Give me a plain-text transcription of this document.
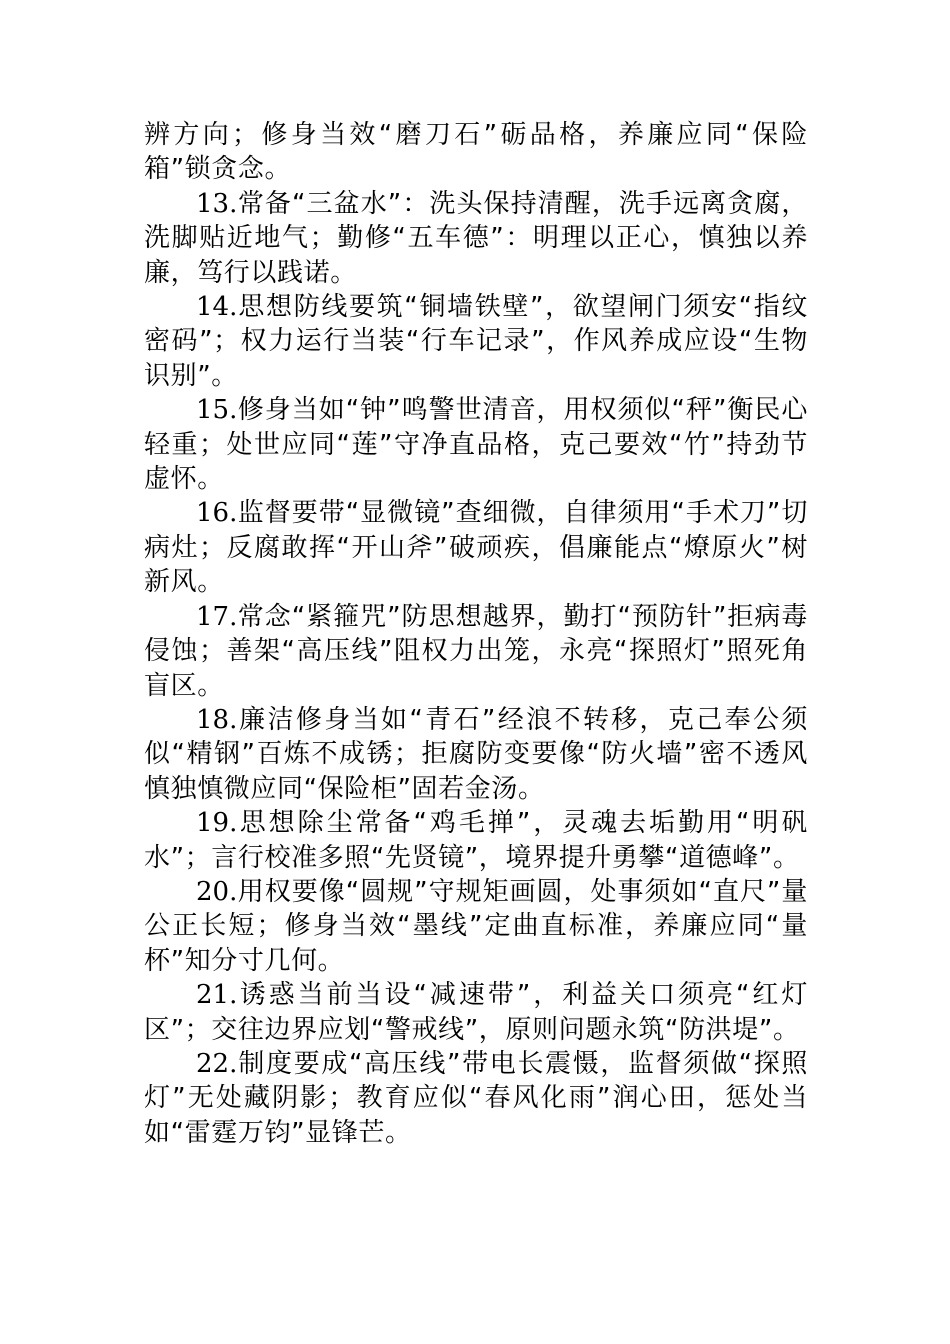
辨方向；修身当效“磨刀石”砺品格，养廉应同“保险箱”锁贪念。

13.常备“三盆水”：洗头保持清醒，洗手远离贪腐，洗脚贴近地气；勤修“五车德”：明理以正心，慎独以养廉，笃行以践诺。

14.思想防线要筑“铜墙铁壁”，欲望闸门须安“指纹密码”；权力运行当装“行车记录”，作风养成应设“生物识别”。

15.修身当如“钟”鸣警世清音，用权须似“秤”衡民心轻重；处世应同“莲”守净直品格，克己要效“竹”持劲节虚怀。

16.监督要带“显微镜”查细微，自律须用“手术刀”切病灶；反腐敢挥“开山斧”破顽疾，倡廉能点“燎原火”树新风。

17.常念“紧箍咒”防思想越界，勤打“预防针”拒病毒侵蚀；善架“高压线”阻权力出笼，永亮“探照灯”照死角盲区。

18.廉洁修身当如“青石”经浪不转移，克己奉公须似“精钢”百炼不成锈；拒腐防变要像“防火墙”密不透风慎独慎微应同“保险柜”固若金汤。

19.思想除尘常备“鸡毛掸”，灵魂去垢勤用“明矾水”；言行校准多照“先贤镜”，境界提升勇攀“道德峰”。

20.用权要像“圆规”守规矩画圆，处事须如“直尺”量公正长短；修身当效“墨线”定曲直标准，养廉应同“量杯”知分寸几何。

21.诱惑当前当设“减速带”，利益关口须亮“红灯区”；交往边界应划“警戒线”，原则问题永筑“防洪堤”。

22.制度要成“高压线”带电长震慑，监督须做“探照灯”无处藏阴影；教育应似“春风化雨”润心田，惩处当如“雷霆万钧”显锋芒。
